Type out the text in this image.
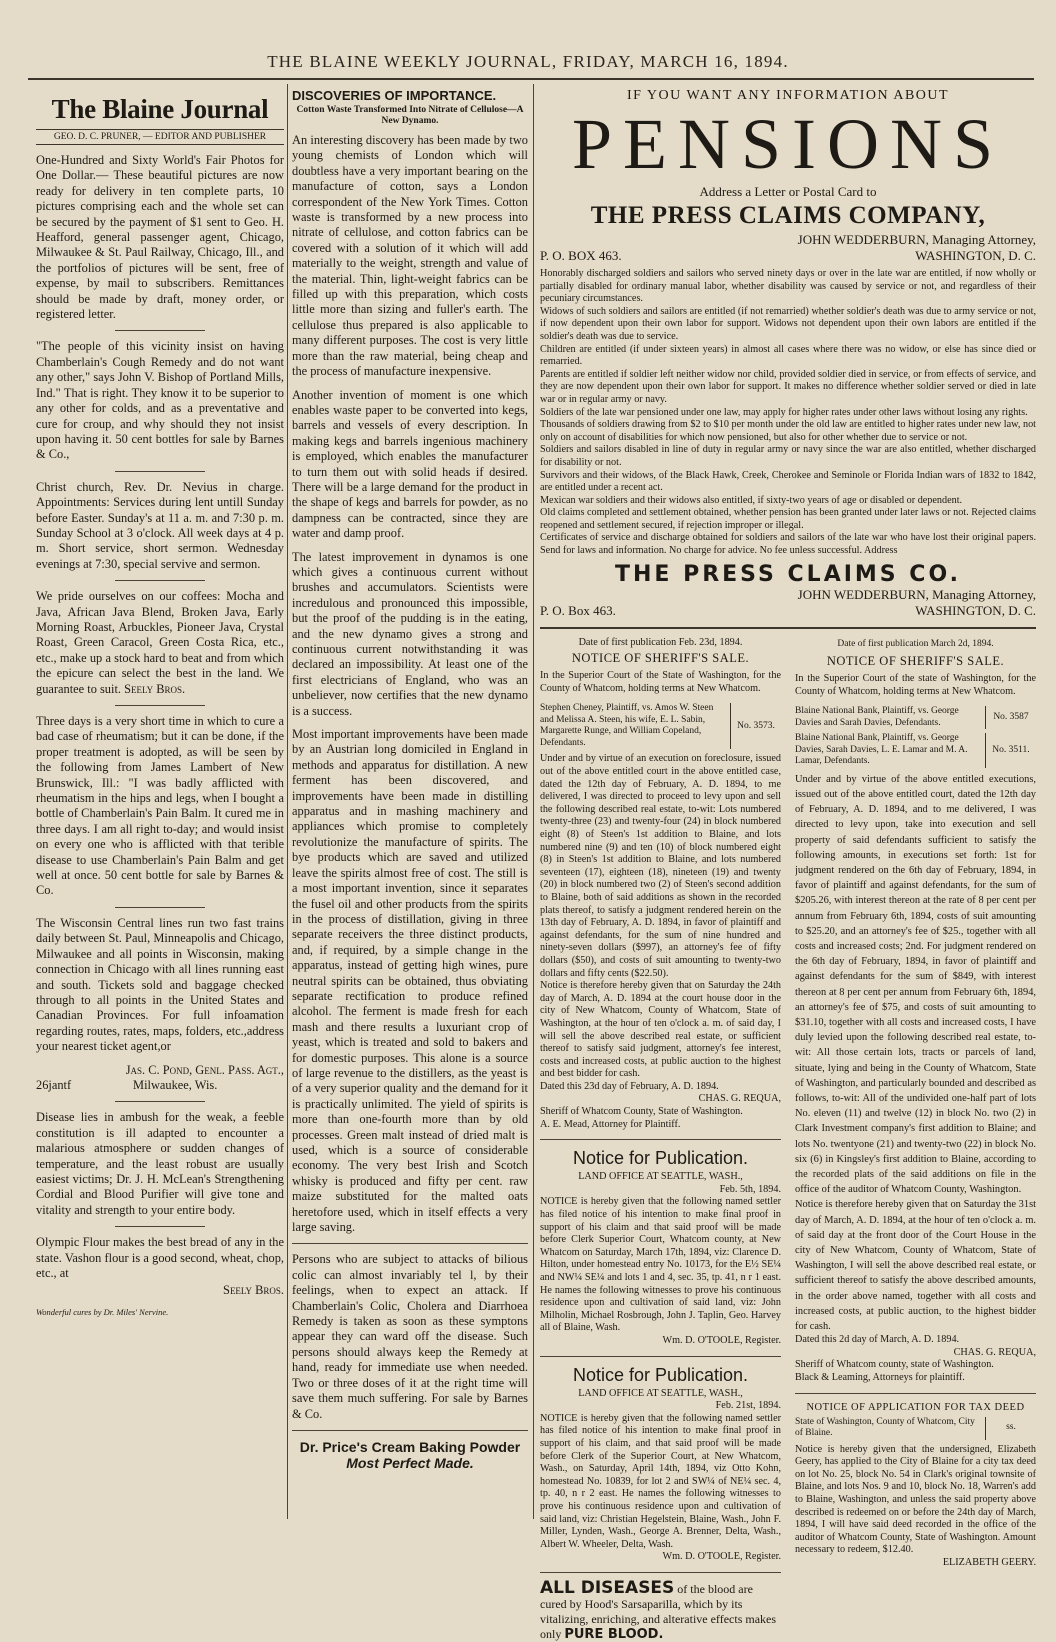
THE BLAINE WEEKLY JOURNAL, FRIDAY, MARCH 16, 1894.
The Blaine Journal
GEO. D. C. PRUNER, — EDITOR AND PUBLISHER

One-Hundred and Sixty World's Fair Photos for One Dollar.— These beautiful pictures are now ready for delivery in ten complete parts, 10 pictures comprising each and the whole set can be secured by the payment of $1 sent to Geo. H. Heafford, general passenger agent, Chicago, Milwaukee & St. Paul Railway, Chicago, Ill., and the portfolios of pictures will be sent, free of expense, by mail to subscribers. Remittances should be made by draft, money order, or registered letter.

"The people of this vicinity insist on having Chamberlain's Cough Remedy and do not want any other," says John V. Bishop of Portland Mills, Ind." That is right. They know it to be superior to any other for colds, and as a preventative and cure for croup, and why should they not insist upon having it. 50 cent bottles for sale by Barnes & Co.,

Christ church, Rev. Dr. Nevius in charge. Appointments: Services during lent untill Sunday before Easter. Sunday's at 11 a. m. and 7:30 p. m. Sunday School at 3 o'clock. All week days at 4 p. m. Short service, short sermon. Wednesday evenings at 7:30, special servive and sermon.

We pride ourselves on our coffees: Mocha and Java, African Java Blend, Broken Java, Early Morning Roast, Arbuckles, Pioneer Java, Crystal Roast, Green Caracol, Green Costa Rica, etc., etc., make up a stock hard to beat and from which the epicure can select the best in the land. We guarantee to suit. Seely Bros.

Three days is a very short time in which to cure a bad case of rheumatism; but it can be done, if the proper treatment is adopted, as will be seen by the following from James Lambert of New Brunswick, Ill.: "I was badly afflicted with rheumatism in the hips and legs, when I bought a bottle of Chamberlain's Pain Balm. It cured me in three days. I am all right to-day; and would insist on every one who is afflicted with that terible disease to use Chamberlain's Pain Balm and get well at once. 50 cent bottle for sale by Barnes & Co.

The Wisconsin Central lines run two fast trains daily between St. Paul, Minneapolis and Chicago, Milwaukee and all points in Wisconsin, making connection in Chicago with all lines running east and south. Tickets sold and baggage checked through to all points in the United States and Canadian Provinces. For full infoamation regarding routes, rates, maps, folders, etc.,address your nearest ticket agent,or

Jas. C. Pond, Genl. Pass. Agt.,

26jantf                    Milwaukee, Wis.

Disease lies in ambush for the weak, a feeble constitution is ill adapted to encounter a malarious atmosphere or sudden changes of temperature, and the least robust are usually easiest victims; Dr. J. H. McLean's Strengthening Cordial and Blood Purifier will give tone and vitality and strength to your entire body.

Olympic Flour makes the best bread of any in the state. Vashon flour is a good second, wheat, chop, etc., at

Seely Bros.

Wonderful cures by Dr. Miles' Nervine.
DISCOVERIES OF IMPORTANCE.
Cotton Waste Transformed Into Nitrate of Cellulose—A New Dynamo.

An interesting discovery has been made by two young chemists of London which will doubtless have a very important bearing on the manufacture of cotton, says a London correspondent of the New York Times. Cotton waste is transformed by a new process into nitrate of cellulose, and cotton fabrics can be covered with a solution of it which will add materially to the weight, strength and value of the material. Thin, light-weight fabrics can be filled up with this preparation, which costs little more than sizing and fuller's earth. The cellulose thus prepared is also applicable to many different purposes. The cost is very little more than the raw material, being cheap and the process of manufacture inexpensive.

Another invention of moment is one which enables waste paper to be converted into kegs, barrels and vessels of every description. In making kegs and barrels ingenious machinery is employed, which enables the manufacturer to turn them out with solid heads if desired. There will be a large demand for the product in the shape of kegs and barrels for powder, as no dampness can be contracted, since they are water and damp proof.

The latest improvement in dynamos is one which gives a continuous current without brushes and accumulators. Scientists were incredulous and pronounced this impossible, but the proof of the pudding is in the eating, and the new dynamo gives a strong and continuous current notwithstanding it was declared an impossibility. At least one of the first electricians of England, who was an unbeliever, now certifies that the new dynamo is a success.

Most important improvements have been made by an Austrian long domiciled in England in methods and apparatus for distillation. A new ferment has been discovered, and improvements have been made in distilling apparatus and in mashing machinery and appliances which promise to completely revolutionize the manufacture of spirits. The bye products which are saved and utilized leave the spirits almost free of cost. The still is a most important invention, since it separates the fusel oil and other products from the spirits in the process of distillation, giving in three separate receivers the three distinct products, and, if required, by a simple change in the apparatus, instead of getting high wines, pure neutral spirits can be obtained, thus obviating separate rectification to produce refined alcohol. The ferment is made fresh for each mash and there results a luxuriant crop of yeast, which is treated and sold to bakers and for domestic purposes. This alone is a source of large revenue to the distillers, as the yeast is of a very superior quality and the demand for it is practically unlimited. The yield of spirits is more than one-fourth more than by old processes. Green malt instead of dried malt is used, which is a source of considerable economy. The very best Irish and Scotch whisky is produced and fifty per cent. raw maize substituted for the malted oats heretofore used, which in itself effects a very large saving.

Persons who are subject to attacks of bilious colic can almost invariably tel l, by their feelings, when to expect an attack. If Chamberlain's Colic, Cholera and Diarrhoea Remedy is taken as soon as these symptons appear they can ward off the disease. Such persons should always keep the Remedy at hand, ready for immediate use when needed. Two or three doses of it at the right time will save them much suffering. For sale by Barnes & Co.

Dr. Price's Cream Baking Powder
Most Perfect Made.
IF YOU WANT ANY INFORMATION ABOUT
PENSIONS
Address a Letter or Postal Card to
THE PRESS CLAIMS COMPANY,
JOHN WEDDERBURN, Managing Attorney,
P. O. BOX 463.	WASHINGTON, D. C.

Honorably discharged soldiers and sailors who served ninety days or over in the late war are entitled, if now wholly or partially disabled for ordinary manual labor, whether disability was caused by service or not, and regardless of their pecuniary circumstances.

Widows of such soldiers and sailors are entitled (if not remarried) whether soldier's death was due to army service or not, if now dependent upon their own labor for support. Widows not dependent upon their own labors are entitled if the soldier's death was due to service.

Children are entitled (if under sixteen years) in almost all cases where there was no widow, or else has since died or remarried.

Parents are entitled if soldier left neither widow nor child, provided soldier died in service, or from effects of service, and they are now dependent upon their own labor for support. It makes no difference whether soldier served or died in late war or in regular army or navy.

Soldiers of the late war pensioned under one law, may apply for higher rates under other laws without losing any rights.

Thousands of soldiers drawing from $2 to $10 per month under the old law are entitled to higher rates under new law, not only on account of disabilities for which now pensioned, but also for other whether due to service or not.

Soldiers and sailors disabled in line of duty in regular army or navy since the war are also entitled, whether discharged for disability or not.

Survivors and their widows, of the Black Hawk, Creek, Cherokee and Seminole or Florida Indian wars of 1832 to 1842, are entitled under a recent act.

Mexican war soldiers and their widows also entitled, if sixty-two years of age or disabled or dependent.

Old claims completed and settlement obtained, whether pension has been granted under later laws or not. Rejected claims reopened and settlement secured, if rejection improper or illegal.

Certificates of service and discharge obtained for soldiers and sailors of the late war who have lost their original papers. Send for laws and information. No charge for advice. No fee unless successful. Address

THE PRESS CLAIMS CO.
JOHN WEDDERBURN, Managing Attorney,
P. O. Box 463.	WASHINGTON, D. C.

Date of first publication Feb. 23d, 1894.

NOTICE OF SHERIFF'S SALE.

In the Superior Court of the State of Washington, for the County of Whatcom, holding terms at New Whatcom.

Stephen Cheney, Plaintiff, vs. Amos W. Steen and Melissa A. Steen, his wife, E. L. Sabin, Margarette Runge, and William Copeland, Defendants.
No. 3573.

Under and by virtue of an execution on foreclosure, issued out of the above entitled court in the above entitled case, dated the 12th day of February, A. D. 1894, to me delivered, I was directed to proceed to levy upon and sell the following described real estate, to-wit: Lots numbered twenty-three (23) and twenty-four (24) in block numbered eight (8) of Steen's 1st addition to Blaine, and lots numbered nine (9) and ten (10) of block numbered eight (8) in Steen's 1st addition to Blaine, and lots numbered seventeen (17), eighteen (18), nineteen (19) and twenty (20) in block numbered two (2) of Steen's second addition to Blaine, both of said additions as shown in the recorded plats thereof, to satisfy a judgment rendered herein on the 13th day of February, A. D. 1894, in favor of plaintiff and against defendants, for the sum of nine hundred and ninety-seven dollars ($997), an attorney's fee of fifty dollars ($50), and costs of suit amounting to twenty-two dollars and fifty cents ($22.50).

Notice is therefore hereby given that on Saturday the 24th day of March, A. D. 1894 at the court house door in the city of New Whatcom, County of Whatcom, State of Washington, at the hour of ten o'clock a. m. of said day, I will sell the above described real estate, or sufficient thereof to satisfy said judgment, attorney's fee interest, costs and increased costs, at public auction to the highest and best bidder for cash.

Dated this 23d day of February, A. D. 1894.

CHAS. G. REQUA,

Sheriff of Whatcom County, State of Washington.

A. E. Mead, Attorney for Plaintiff.

Notice for Publication.

LAND OFFICE AT SEATTLE, WASH.,

Feb. 5th, 1894.

NOTICE is hereby given that the following named settler has filed notice of his intention to make final proof in support of his claim and that said proof will be made before Clerk Superior Court, Whatcom county, at New Whatcom on Saturday, March 17th, 1894, viz: Clarence D. Hilton, under homestead entry No. 10173, for the E½ SE¼ and NW¼ SE¼ and lots 1 and 4, sec. 35, tp. 41, n r 1 east. He names the following witnesses to prove his continuous residence upon and cultivation of said land, viz: John Milholin, Michael Rosbrough, John J. Taplin, Geo. Harvey all of Blaine, Wash.

Wm. D. O'TOOLE, Register.

Notice for Publication.

LAND OFFICE AT SEATTLE, WASH.,

Feb. 21st, 1894.

NOTICE is hereby given that the following named settler has filed notice of his intention to make final proof in support of his claim, and that said proof will be made before Clerk of the Superior Court, at New Whatcom, Wash., on Saturday, April 14th, 1894, viz Otto Kohn, homestead No. 10839, for lot 2 and SW¼ of NE¼ sec. 4, tp. 40, n r 2 east. He names the following witnesses to prove his continuous residence upon and cultivation of said land, viz: Christian Hegelstein, Blaine, Wash., John F. Miller, Lynden, Wash., George A. Brenner, Delta, Wash., Albert W. Wheeler, Delta, Wash.

Wm. D. O'TOOLE, Register.

ALL DISEASES of the blood are cured by Hood's Sarsaparilla, which by its vitalizing, enriching, and alterative effects makes only PURE BLOOD.

Date of first publication March 2d, 1894.

NOTICE OF SHERIFF'S SALE.

In the Superior Court of the state of Washington, for the County of Whatcom, holding terms at New Whatcom.

Blaine National Bank, Plaintiff, vs. George Davies and Sarah Davies, Defendants.
No. 3587
Blaine National Bank, Plaintiff, vs. George Davies, Sarah Davies, L. E. Lamar and M. A. Lamar, Defendants.
No. 3511.

Under and by virtue of the above entitled executions, issued out of the above entitled court, dated the 12th day of February, A. D. 1894, and to me delivered, I was directed to levy upon, take into execution and sell property of said defendants sufficient to satisfy the following amounts, in executions set forth: 1st for judgment rendered on the 6th day of February, 1894, in favor of plaintiff and against defendants, for the sum of $205.26, with interest thereon at the rate of 8 per cent per annum from February 6th, 1894, costs of suit amounting to $25.20, and an attorney's fee of $25., together with all costs and increased costs; 2nd. For judgment rendered on the 6th day of February, 1894, in favor of plaintiff and against defendants for the sum of $849, with interest thereon at 8 per cent per annum from February 6th, 1894, an attorney's fee of $75, and costs of suit amounting to $31.10, together with all costs and increased costs, I have duly levied upon the following described real estate, to-wit: All those certain lots, tracts or parcels of land, situate, lying and being in the County of Whatcom, State of Washington, and particularly bounded and described as follows, to-wit: All of the undivided one-half part of lots No. eleven (11) and twelve (12) in block No. two (2) in Clark Investment company's first addition to Blaine; and lots No. twentyone (21) and twenty-two (22) in block No. six (6) in Kingsley's first addition to Blaine, according to the recorded plats of the said additions on file in the office of the auditor of Whatcom County, Washington.

Notice is therefore hereby given that on Saturday the 31st day of March, A. D. 1894, at the hour of ten o'clock a. m. of said day at the front door of the Court House in the city of New Whatcom, County of Whatcom, State of Washington, I will sell the above described real estate, or sufficient thereof to satisfy the above described amounts, in the order above named, together with all costs and increased costs, at public auction, to the highest bidder for cash.

Dated this 2d day of March, A. D. 1894.

CHAS. G. REQUA,

Sheriff of Whatcom county, state of Washington.

Black & Leaming, Attorneys for plaintiff.

NOTICE OF APPLICATION FOR TAX DEED
State of Washington, County of Whatcom, City of Blaine.
ss.

Notice is hereby given that the undersigned, Elizabeth Geery, has applied to the City of Blaine for a city tax deed on lot No. 25, block No. 54 in Clark's original townsite of Blaine, and lots Nos. 9 and 10, block No. 18, Warren's add to Blaine, Washington, and unless the said property above described is redeemed on or before the 24th day of March, 1894, I will have said deed recorded in the office of the auditor of Whatcom County, State of Washington. Amount necessary to redeem, $12.40.

ELIZABETH GEERY.
